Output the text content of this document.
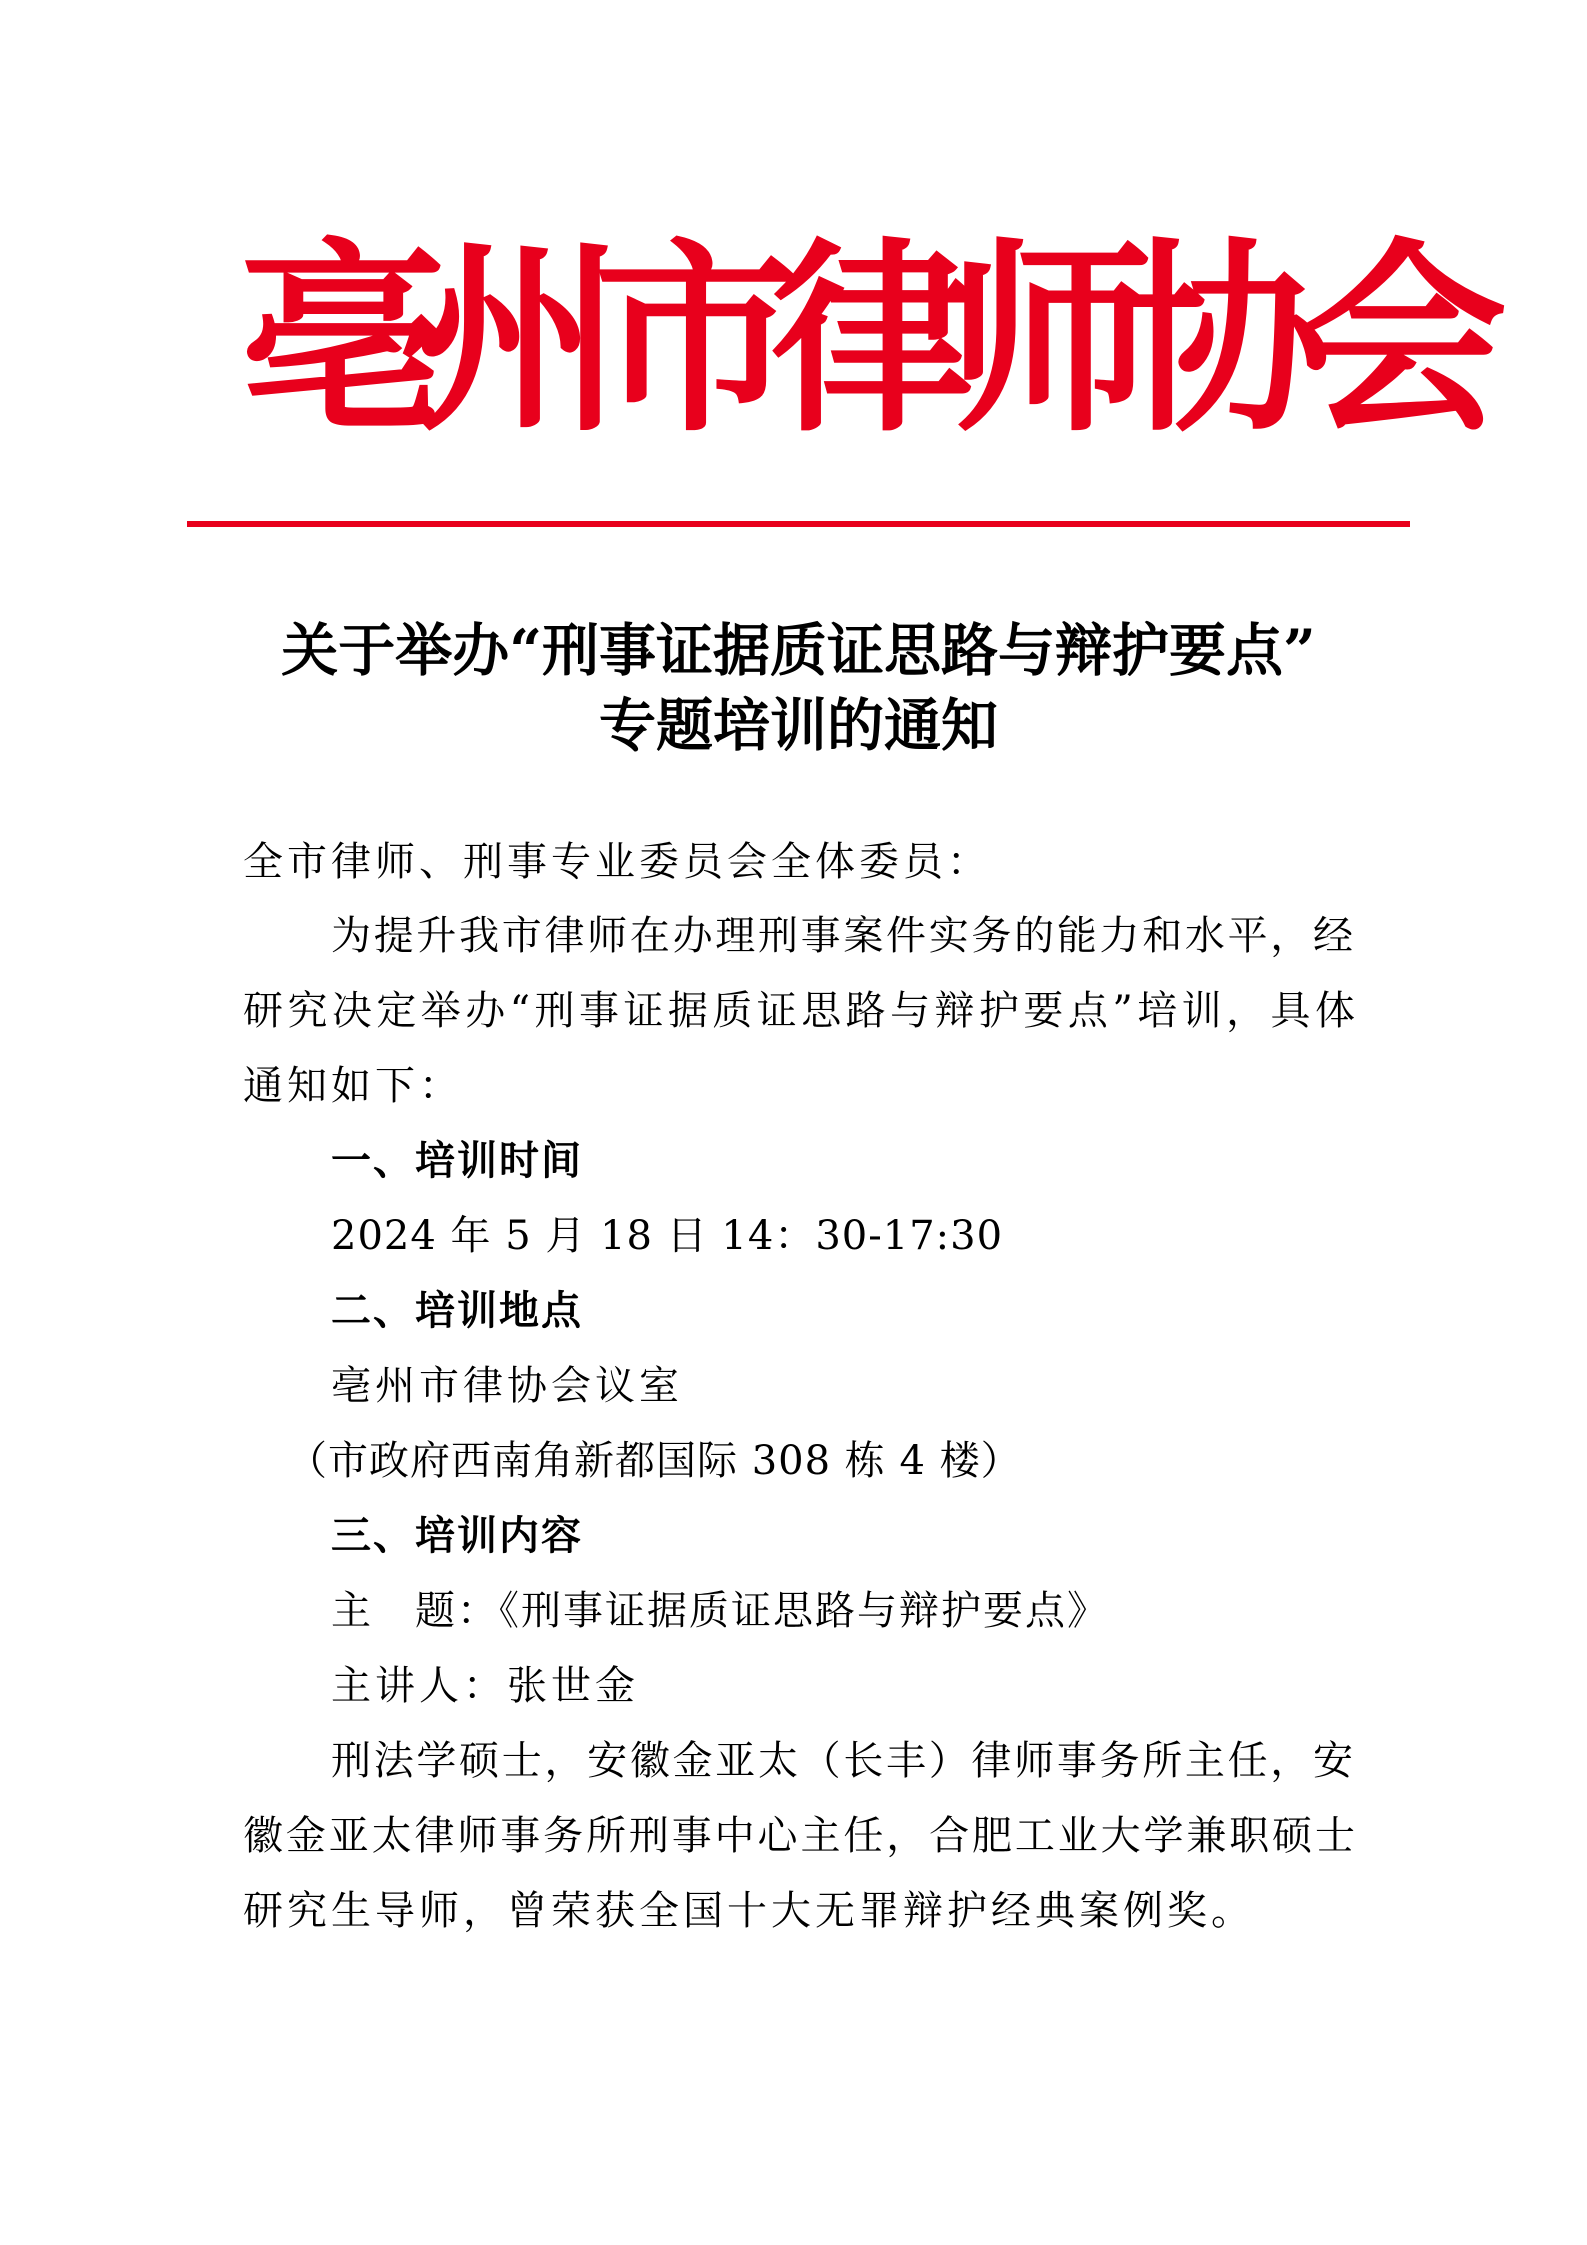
亳州市律师协会
关于举办“刑事证据质证思路与辩护要点”
专题培训的通知
全市律师、刑事专业委员会全体委员：
为提升我市律师在办理刑事案件实务的能力和水平，经
研究决定举办“刑事证据质证思路与辩护要点”培训，具体
通知如下：
一、培训时间
2024 年 5 月 18 日 14：30-17:30
二、培训地点
亳州市律协会议室
（市政府西南角新都国际 308 栋 4 楼）
三、培训内容
主　题：《刑事证据质证思路与辩护要点》
主讲人：张世金
刑法学硕士，安徽金亚太（长丰）律师事务所主任，安
徽金亚太律师事务所刑事中心主任，合肥工业大学兼职硕士
研究生导师，曾荣获全国十大无罪辩护经典案例奖。
